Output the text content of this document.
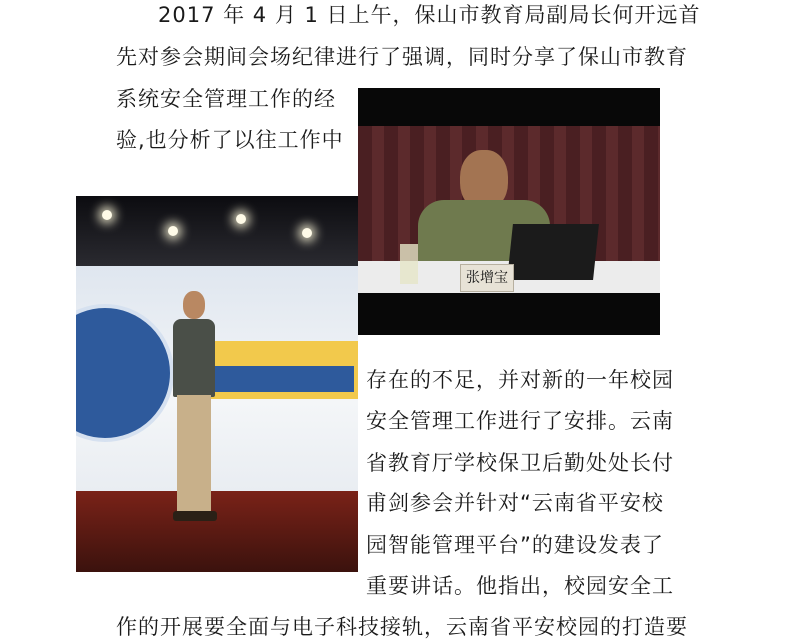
2017 年 4 月 1 日上午，保山市教育局副局长何开远首
先对参会期间会场纪律进行了强调，同时分享了保山市教育
系统安全管理工作的经
验,也分析了以往工作中
存在的不足，并对新的一年校园
安全管理工作进行了安排。云南
省教育厅学校保卫后勤处处长付
甫剑参会并针对“云南省平安校
园智能管理平台”的建设发表了
重要讲话。他指出，校园安全工
作的开展要全面与电子科技接轨，云南省平安校园的打造要
张增宝
